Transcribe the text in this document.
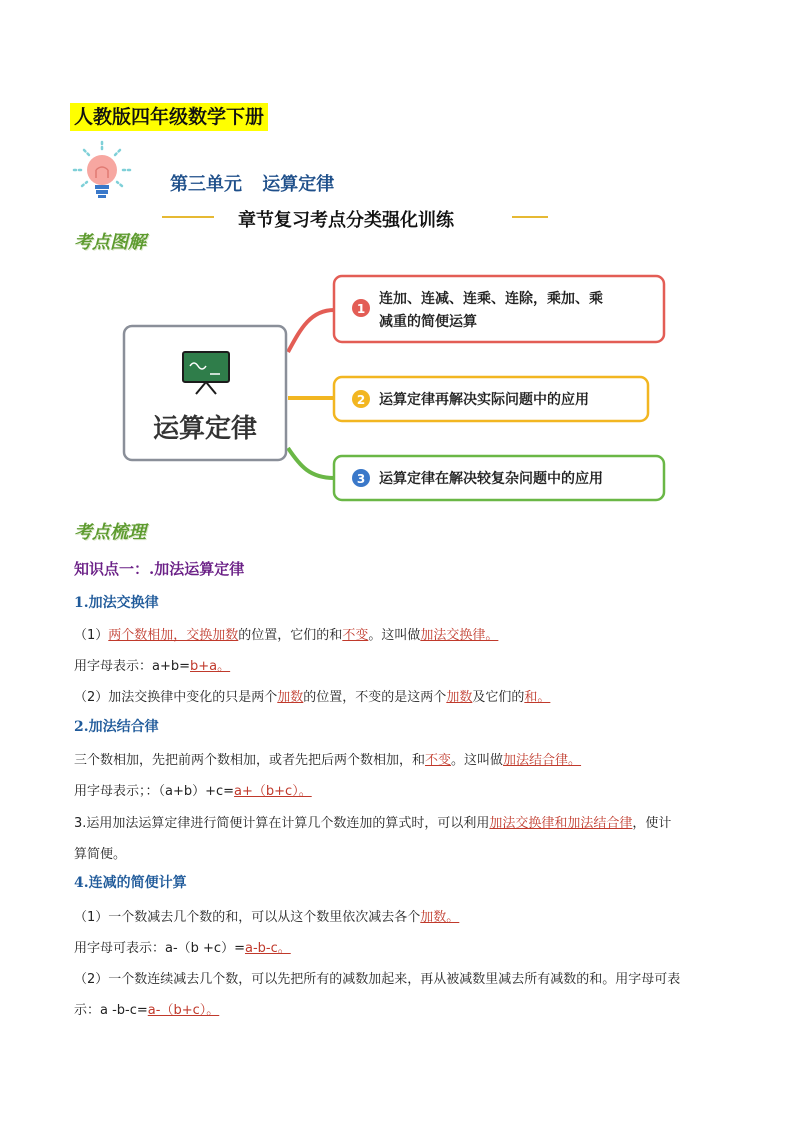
人教版四年级数学下册
第三单元 运算定律
章节复习考点分类强化训练
考点图解
运算定律
1
连加、连减、连乘、连除，乘加、乘
减重的简便运算
2 运算定律再解决实际问题中的应用
3 运算定律在解决较复杂问题中的应用
考点梳理
知识点一：.加法运算定律
1.加法交换律
（1）两个数相加，交换加数的位置，它们的和不变。这叫做加法交换律。
用字母表示：a+b=b+a。
（2）加法交换律中变化的只是两个加数的位置，不变的是这两个加数及它们的和。
2.加法结合律
三个数相加，先把前两个数相加，或者先把后两个数相加，和不变。这叫做加法结合律。
用字母表示；：（a+b）+c=a+（b+c）。
3.运用加法运算定律进行简便计算在计算几个数连加的算式时，可以利用加法交换律和加法结合律，使计
算简便。
4.连减的简便计算
（1）一个数减去几个数的和，可以从这个数里依次减去各个加数。
用字母可表示：a-（b +c）=a-b-c。
（2）一个数连续减去几个数，可以先把所有的减数加起来，再从被减数里减去所有减数的和。用字母可表
示：a -b-c=a-（b+c）。
